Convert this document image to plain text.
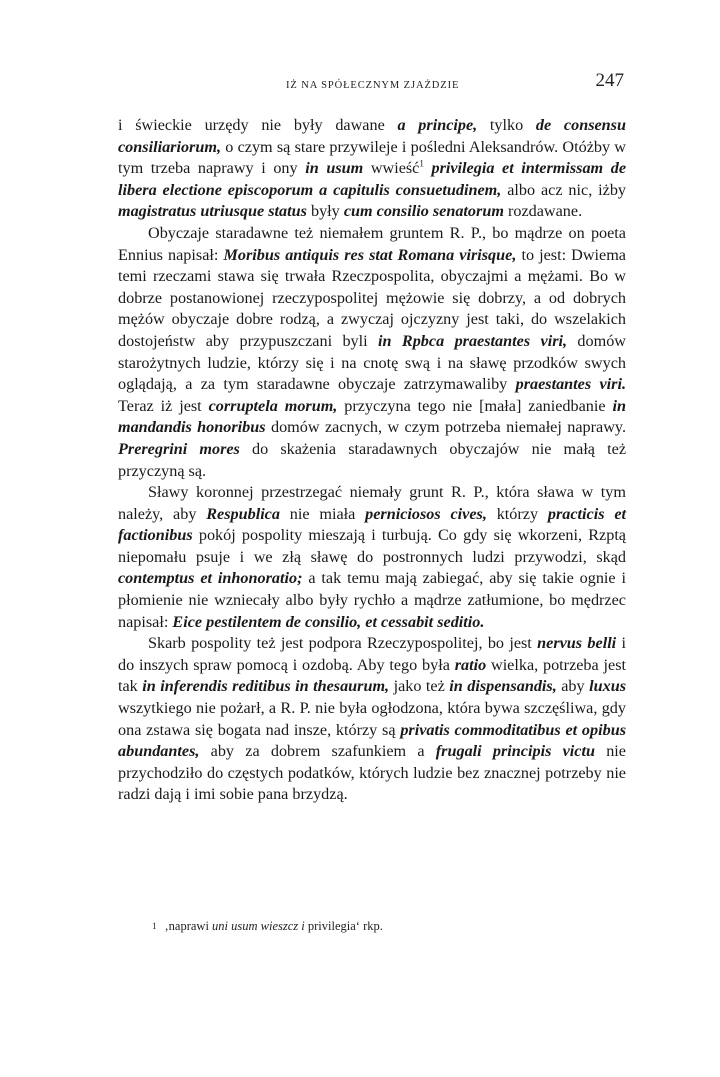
IŻ NA SPÓŁECZNYM ZJAŻDZIE	247

i świeckie urzędy nie były dawane a principe, tylko de consensu consiliariorum, o czym są stare przywileje i pośledni Aleksandrów. Otóżby w tym trzeba naprawy i ony in usum wwieść$^1$ privilegia et intermissam de libera electione episcoporum a capitulis consuetudinem, albo acz nic, iżby magistratus utriusque status były cum consilio senatorum rozdawane.

Obyczaje staradawne też niemałem gruntem R. P., bo mądrze on poeta Ennius napisał: Moribus antiquis res stat Romana virisque, to jest: Dwiema temi rzeczami stawa się trwała Rzeczpospolita, obyczajmi a mężami. Bo w dobrze postanowionej rzeczypospolitej mężowie się dobrzy, a od dobrych mężów obyczaje dobre rodzą, a zwyczaj ojczyzny jest taki, do wszelakich dostojeństw aby przypuszczani byli in Rpbca praestantes viri, domów starożytnych ludzie, którzy się i na cnotę swą i na sławę przodków swych oglądają, a za tym staradawne obyczaje zatrzymawaliby praestantes viri. Teraz iż jest corruptela morum, przyczyna tego nie [mała] zaniedbanie in mandandis honoribus domów zacnych, w czym potrzeba niemałej naprawy. Preregrini mores do skażenia staradawnych obyczajów nie małą też przyczyną są.

Sławy koronnej przestrzegać niemały grunt R. P., która sława w tym należy, aby Respublica nie miała perniciosos cives, którzy practicis et factionibus pokój pospolity mieszają i turbują. Co gdy się wkorzeni, Rzptą niepomału psuje i we złą sławę do postronnych ludzi przywodzi, skąd contemptus et inhonoratio; a tak temu mają zabiegać, aby się takie ognie i płomienie nie wzniecały albo były rychło a mądrze zatłumione, bo mędrzec napisał: Eice pestilentem de consilio, et cessabit seditio.

Skarb pospolity też jest podpora Rzeczypospolitej, bo jest nervus belli i do inszych spraw pomocą i ozdobą. Aby tego była ratio wielka, potrzeba jest tak in inferendis reditibus in thesaurum, jako też in dispensandis, aby luxus wszytkiego nie pożarł, a R. P. nie była ogłodzona, która bywa szczęśliwa, gdy ona zstawa się bogata nad insze, którzy są privatis commoditatibus et opibus abundantes, aby za dobrem szafunkiem a frugali principis victu nie przychodziło do częstych podatków, których ludzie bez znacznej potrzeby nie radzi dają i imi sobie pana brzydzą.

$^1$ ‚naprawi uni usum wieszcz i privilegia‘ rkp.
